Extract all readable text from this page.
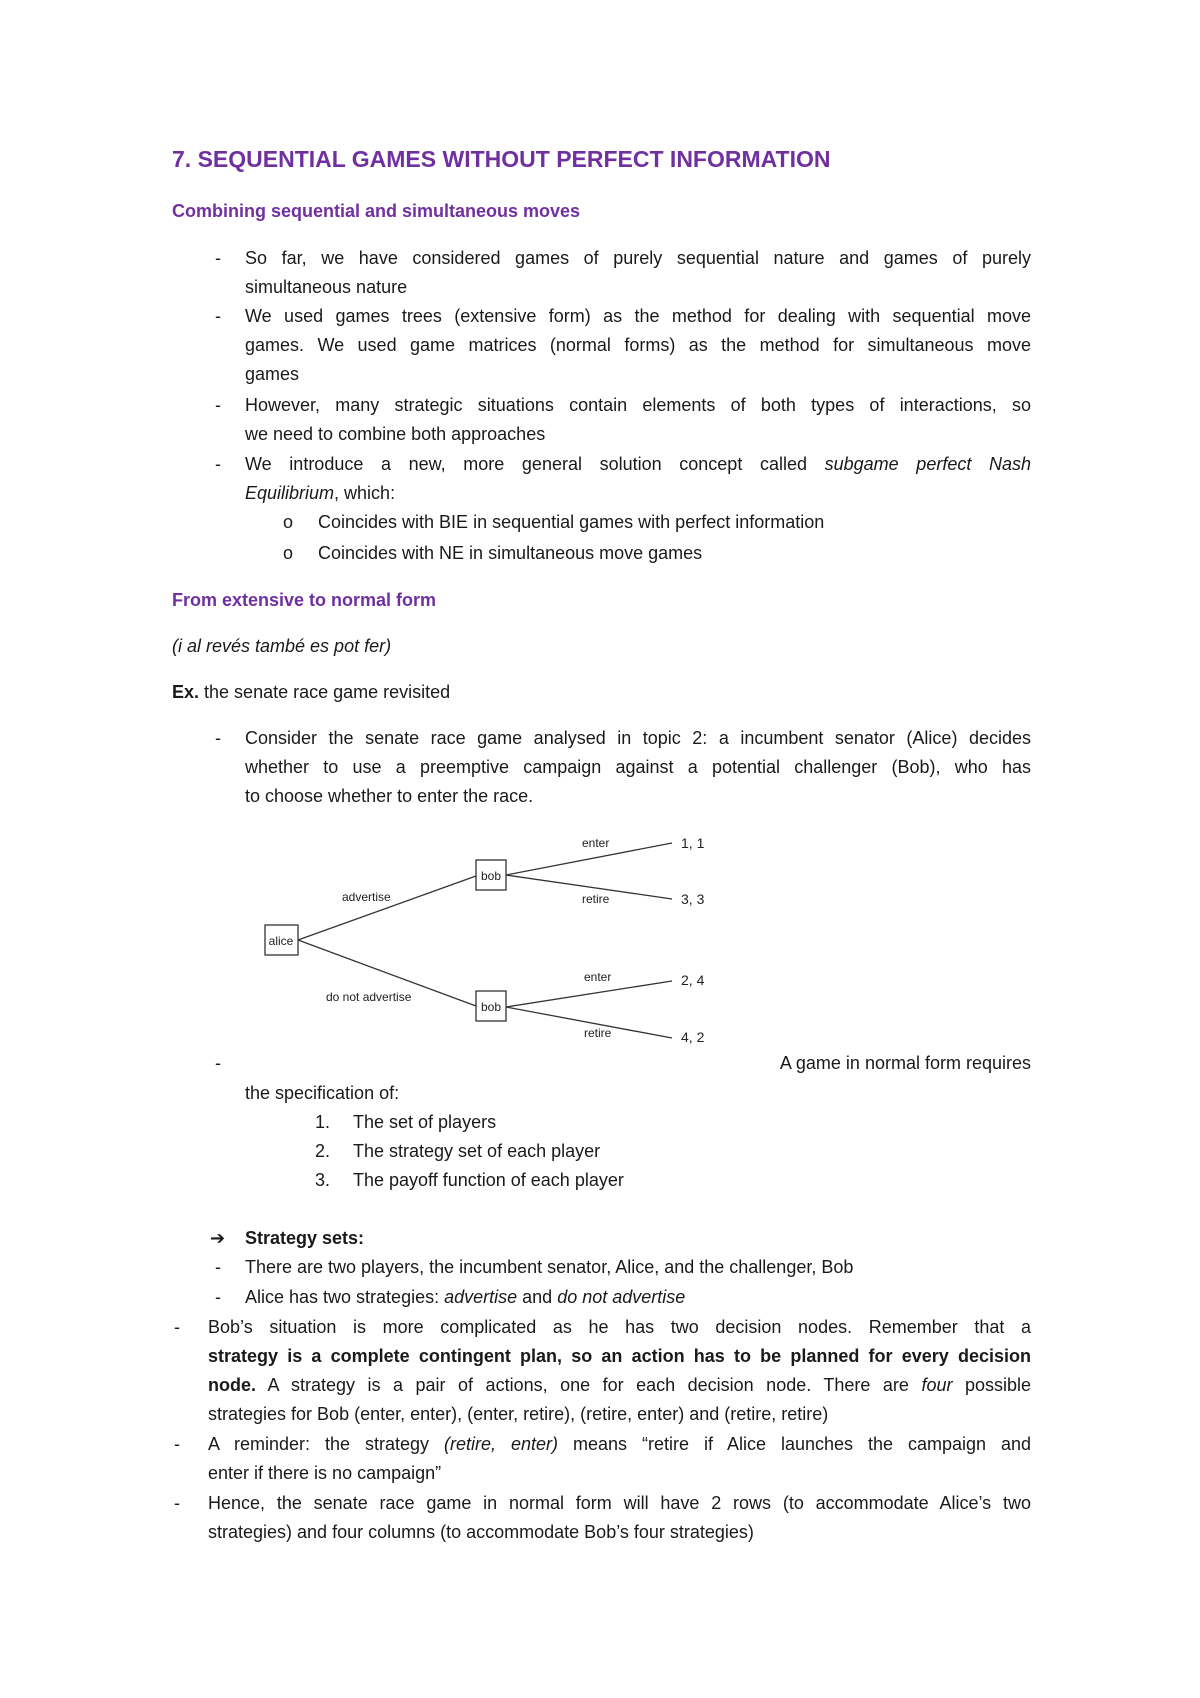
7. SEQUENTIAL GAMES WITHOUT PERFECT INFORMATION
Combining sequential and simultaneous moves
- So far, we have considered games of purely sequential nature and games of purely
simultaneous nature
- We used games trees (extensive form) as the method for dealing with sequential move
games. We used game matrices (normal forms) as the method for simultaneous move
games
- However, many strategic situations contain elements of both types of interactions, so
we need to combine both approaches
- We introduce a new, more general solution concept called subgame perfect Nash
Equilibrium, which:
o Coincides with BIE in sequential games with perfect information
o Coincides with NE in simultaneous move games
From extensive to normal form
(i al revés també es pot fer)
Ex. the senate race game revisited
- Consider the senate race game analysed in topic 2: a incumbent senator (Alice) decides
whether to use a preemptive campaign against a potential challenger (Bob), who has
to choose whether to enter the race.
alice
bob
bob
advertise
do not advertise
enter
retire
enter
retire
1, 1
3, 3
2, 4
4, 2
-	A game in normal form requires
the specification of:
1. The set of players
2. The strategy set of each player
3. The payoff function of each player
➔ Strategy sets:
- There are two players, the incumbent senator, Alice, and the challenger, Bob
- Alice has two strategies: advertise and do not advertise
- Bob’s situation is more complicated as he has two decision nodes. Remember that a
strategy is a complete contingent plan, so an action has to be planned for every decision
node. A strategy is a pair of actions, one for each decision node. There are four possible
strategies for Bob (enter, enter), (enter, retire), (retire, enter) and (retire, retire)
- A reminder: the strategy (retire, enter) means “retire if Alice launches the campaign and
enter if there is no campaign”
- Hence, the senate race game in normal form will have 2 rows (to accommodate Alice’s two
strategies) and four columns (to accommodate Bob’s four strategies)
